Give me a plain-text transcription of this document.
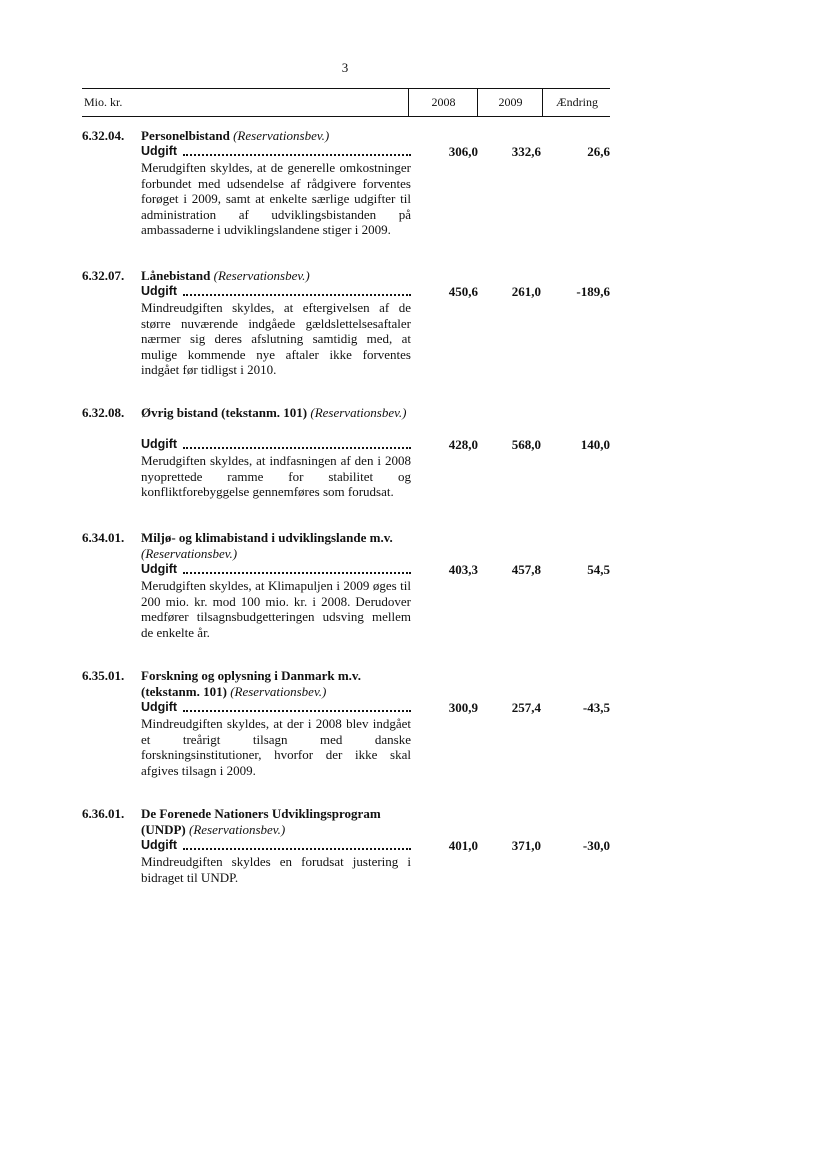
3
Mio. kr.	2008	2009	Ændring
6.32.04. Personelbistand (Reservationsbev.)
Udgift	306,0	332,6	26,6
Merudgiften skyldes, at de generelle omkostninger forbundet med udsendelse af rådgivere forventes forøget i 2009, samt at enkelte særlige udgifter til administration af udviklingsbistanden på ambassaderne i udviklingslandene stiger i 2009.
6.32.07. Lånebistand (Reservationsbev.)
Udgift	450,6	261,0	-189,6
Mindreudgiften skyldes, at eftergivelsen af de større nuværende indgåede gældslettelsesaftaler nærmer sig deres afslutning samtidig med, at mulige kommende nye aftaler ikke forventes indgået før tidligst i 2010.
6.32.08. Øvrig bistand (tekstanm. 101) (Reservationsbev.)
Udgift	428,0	568,0	140,0
Merudgiften skyldes, at indfasningen af den i 2008 nyoprettede ramme for stabilitet og konfliktforebyggelse gennemføres som forudsat.
6.34.01. Miljø- og klimabistand i udviklingslande m.v. (Reservationsbev.)
Udgift	403,3	457,8	54,5
Merudgiften skyldes, at Klimapuljen i 2009 øges til 200 mio. kr. mod 100 mio. kr. i 2008. Derudover medfører tilsagnsbudgetteringen udsving mellem de enkelte år.
6.35.01. Forskning og oplysning i Danmark m.v. (tekstanm. 101) (Reservationsbev.)
Udgift	300,9	257,4	-43,5
Mindreudgiften skyldes, at der i 2008 blev indgået et treårigt tilsagn med danske forskningsinstitutioner, hvorfor der ikke skal afgives tilsagn i 2009.
6.36.01. De Forenede Nationers Udviklingsprogram (UNDP) (Reservationsbev.)
Udgift	401,0	371,0	-30,0
Mindreudgiften skyldes en forudsat justering i bidraget til UNDP.
